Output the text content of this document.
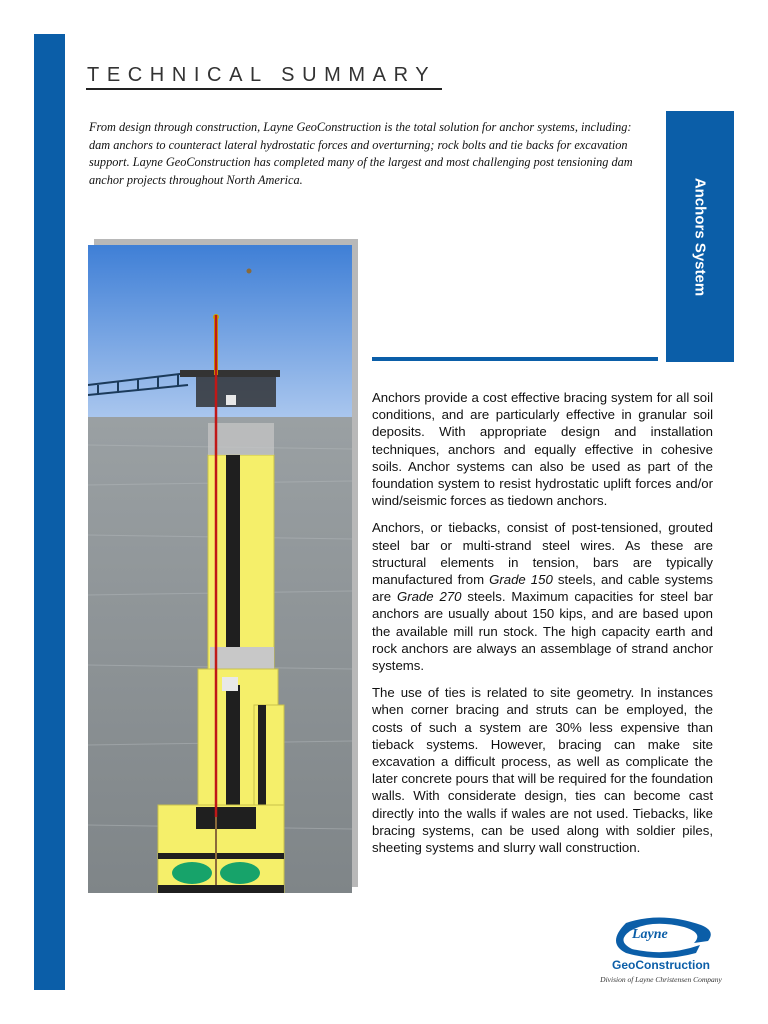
TECHNICAL SUMMARY

From design through construction, Layne GeoConstruction is the total solution for anchor systems, including: dam anchors to counteract lateral hydrostatic forces and overturning; rock bolts and tie backs for excavation support. Layne GeoConstruction has completed many of the largest and most challenging post tensioning dam anchor projects throughout North America.	Anchors System

Anchors provide a cost effective bracing system for all soil conditions, and are particularly effective in granular soil deposits. With appropriate design and installation techniques, anchors and equally effective in cohesive soils. Anchor systems can also be used as part of the foundation system to resist hydrostatic uplift forces and/or wind/seismic forces as tiedown anchors.

Anchors, or tiebacks, consist of post-tensioned, grouted steel bar or multi-strand steel wires. As these are structural elements in tension, bars are typically manufactured from Grade 150 steels, and cable systems are Grade 270 steels. Maximum capacities for steel bar anchors are usually about 150 kips, and are based upon the available mill run stock. The high capacity earth and rock anchors are always an assemblage of strand anchor systems.

The use of ties is related to site geometry. In instances when corner bracing and struts can be employed, the costs of such a system are 30% less expensive than tieback systems. However, bracing can make site excavation a difficult process, as well as complicate the later concrete pours that will be required for the foundation walls. With considerate design, ties can become cast directly into the walls if wales are not used. Tiebacks, like bracing systems, can be used along with soldier piles, sheeting systems and slurry wall construction.

Layne
GeoConstruction
Division of Layne Christensen Company
